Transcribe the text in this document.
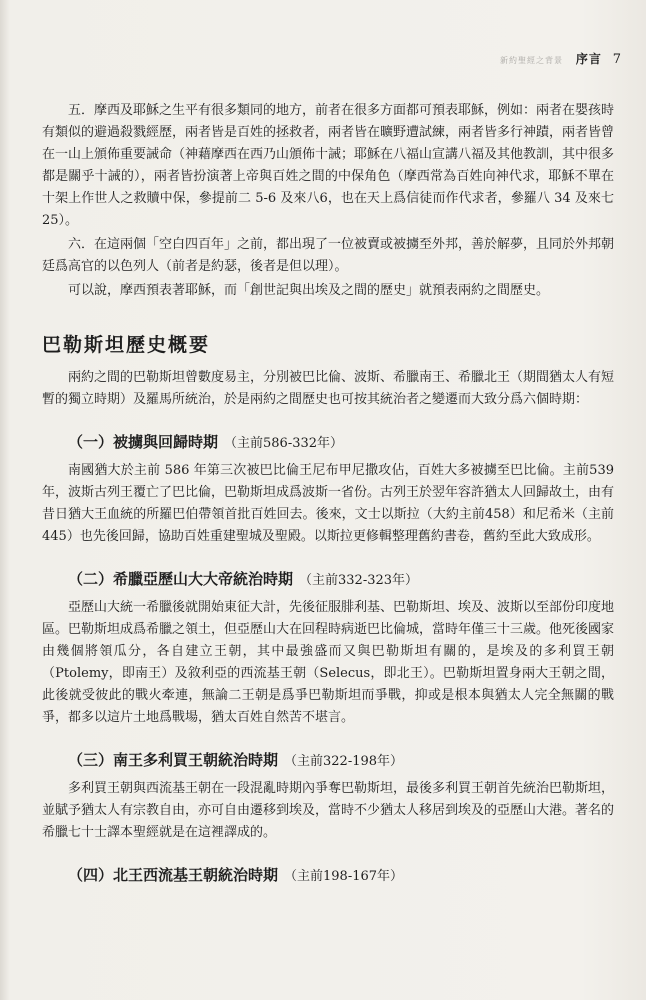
新約聖經之背景 序言 7

五．摩西及耶穌之生平有很多類同的地方，前者在很多方面都可預表耶穌，例如：兩者在嬰孩時有類似的避過殺戮經歷，兩者皆是百姓的拯救者，兩者皆在曠野遭試練，兩者皆多行神蹟，兩者皆曾在一山上頒佈重要誡命（神藉摩西在西乃山頒佈十誡；耶穌在八福山宣講八福及其他教訓，其中很多都是關乎十誡的），兩者皆扮演著上帝與百姓之間的中保角色（摩西常為百姓向神代求，耶穌不單在十架上作世人之救贖中保，參提前二 5-6 及來八6，也在天上爲信徒而作代求者，參羅八 34 及來七 25）。

六．在這兩個「空白四百年」之前，都出現了一位被賣或被擄至外邦，善於解夢，且同於外邦朝廷爲高官的以色列人（前者是約瑟，後者是但以理）。

可以說，摩西預表著耶穌，而「創世記與出埃及之間的歷史」就預表兩約之間歷史。

巴勒斯坦歷史概要

兩約之間的巴勒斯坦曾數度易主，分別被巴比倫、波斯、希臘南王、希臘北王（期間猶太人有短暫的獨立時期）及羅馬所統治，於是兩約之間歷史也可按其統治者之變遷而大致分爲六個時期：

（一）被擄與回歸時期 （主前586-332年）

南國猶大於主前 586 年第三次被巴比倫王尼布甲尼撒攻佔，百姓大多被擄至巴比倫。主前539年，波斯古列王覆亡了巴比倫，巴勒斯坦成爲波斯一省份。古列王於翌年容許猶太人回歸故土，由有昔日猶大王血統的所羅巴伯帶領首批百姓回去。後來，文士以斯拉（大約主前458）和尼希米（主前445）也先後回歸，協助百姓重建聖城及聖殿。以斯拉更修輯整理舊約書卷，舊約至此大致成形。

（二）希臘亞歷山大大帝統治時期 （主前332-323年）

亞歷山大統一希臘後就開始東征大計，先後征服腓利基、巴勒斯坦、埃及、波斯以至部份印度地區。巴勒斯坦成爲希臘之領土，但亞歷山大在回程時病逝巴比倫城，當時年僅三十三歲。他死後國家由幾個將領瓜分，各自建立王朝，其中最強盛而又與巴勒斯坦有關的，是埃及的多利買王朝（Ptolemy，即南王）及敘利亞的西流基王朝（Selecus，即北王）。巴勒斯坦置身兩大王朝之間，此後就受彼此的戰火牽連，無論二王朝是爲爭巴勒斯坦而爭戰，抑或是根本與猶太人完全無關的戰爭，都多以這片土地爲戰場，猶太百姓自然苦不堪言。

（三）南王多利買王朝統治時期 （主前322-198年）

多利買王朝與西流基王朝在一段混亂時期內爭奪巴勒斯坦，最後多利買王朝首先統治巴勒斯坦，並賦予猶太人有宗教自由，亦可自由遷移到埃及，當時不少猶太人移居到埃及的亞歷山大港。著名的希臘七十士譯本聖經就是在這裡譯成的。

（四）北王西流基王朝統治時期 （主前198-167年）
